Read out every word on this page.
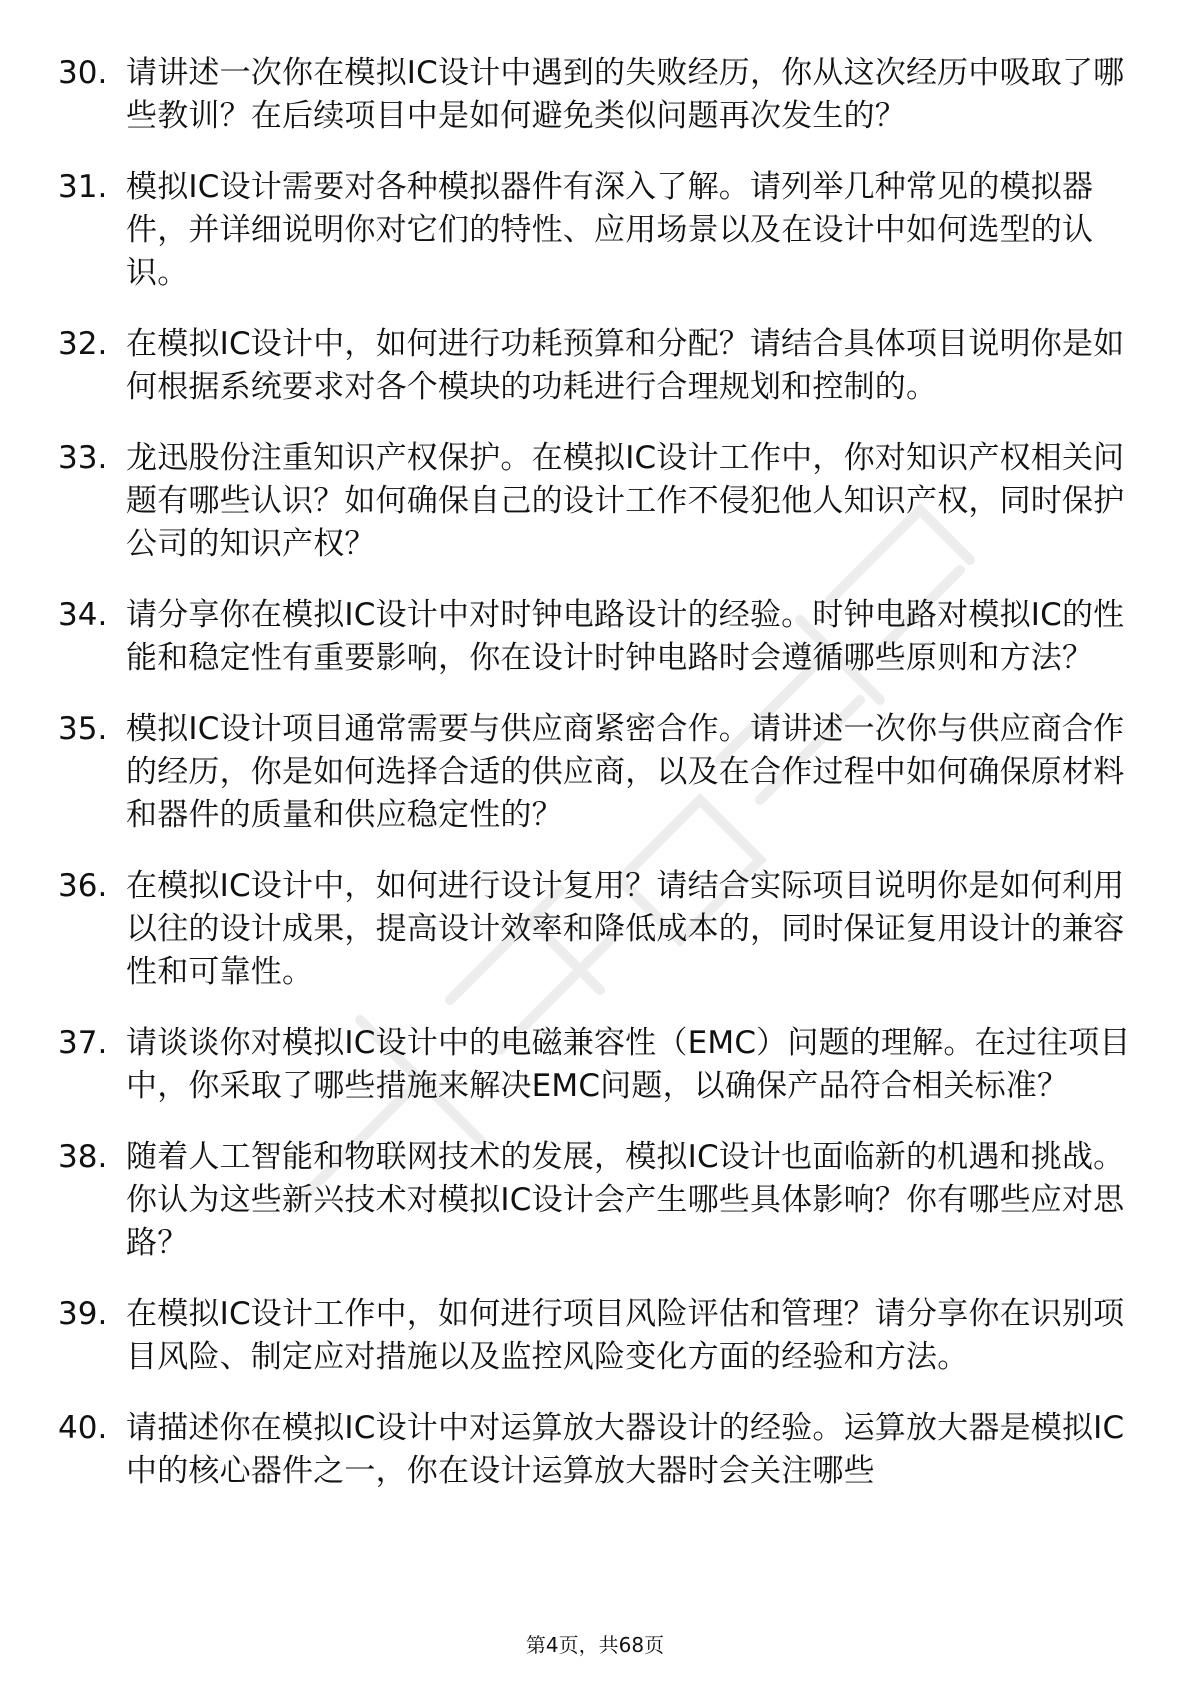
30. 请讲述一次你在模拟IC设计中遇到的失败经历，你从这次经历中吸取了哪些教训？在后续项目中是如何避免类似问题再次发生的？
31. 模拟IC设计需要对各种模拟器件有深入了解。请列举几种常见的模拟器件，并详细说明你对它们的特性、应用场景以及在设计中如何选型的认识。
32. 在模拟IC设计中，如何进行功耗预算和分配？请结合具体项目说明你是如何根据系统要求对各个模块的功耗进行合理规划和控制的。
33. 龙迅股份注重知识产权保护。在模拟IC设计工作中，你对知识产权相关问题有哪些认识？如何确保自己的设计工作不侵犯他人知识产权，同时保护公司的知识产权？
34. 请分享你在模拟IC设计中对时钟电路设计的经验。时钟电路对模拟IC的性能和稳定性有重要影响，你在设计时钟电路时会遵循哪些原则和方法？
35. 模拟IC设计项目通常需要与供应商紧密合作。请讲述一次你与供应商合作的经历，你是如何选择合适的供应商，以及在合作过程中如何确保原材料和器件的质量和供应稳定性的？
36. 在模拟IC设计中，如何进行设计复用？请结合实际项目说明你是如何利用以往的设计成果，提高设计效率和降低成本的，同时保证复用设计的兼容性和可靠性。
37. 请谈谈你对模拟IC设计中的电磁兼容性（EMC）问题的理解。在过往项目中，你采取了哪些措施来解决EMC问题，以确保产品符合相关标准？
38. 随着人工智能和物联网技术的发展，模拟IC设计也面临新的机遇和挑战。你认为这些新兴技术对模拟IC设计会产生哪些具体影响？你有哪些应对思路？
39. 在模拟IC设计工作中，如何进行项目风险评估和管理？请分享你在识别项目风险、制定应对措施以及监控风险变化方面的经验和方法。
40. 请描述你在模拟IC设计中对运算放大器设计的经验。运算放大器是模拟IC中的核心器件之一，你在设计运算放大器时会关注哪些
第4页，共68页
